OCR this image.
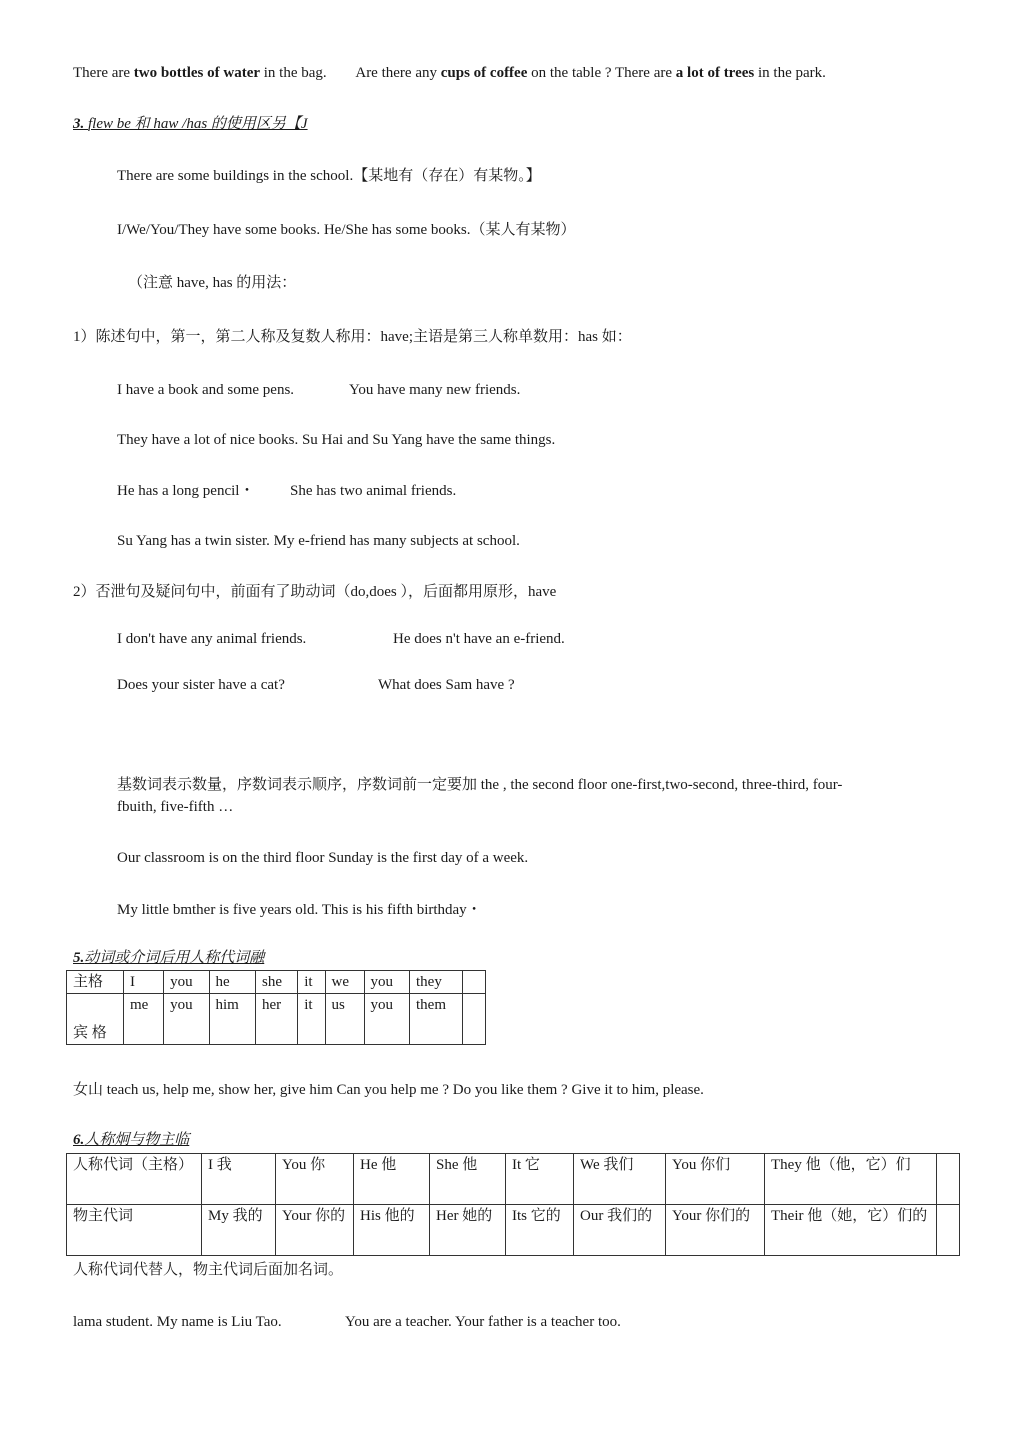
There are two bottles of water in the bag. Are there any cups of coffee on the table ? There are a lot of trees in the park.
3. flew be 和 haw /has 的使用区另【J
There are some buildings in the school.【某地有（存在）有某物。】
I/We/You/They have some books. He/She has some books.（某人有某物）
（注意 have, has 的用法：
1）陈述句中，第一，第二人称及复数人称用：have;主语是第三人称单数用：has 如：
I have a book and some pens.	You have many new friends.
They have a lot of nice books. Su Hai and Su Yang have the same things.
He has a long pencil・ She has two animal friends.
Su Yang has a twin sister. My e-friend has many subjects at school.
2）否泄句及疑问句中，前面有了助动词（do,does ），后面都用原形，have
I don't have any animal friends.	He does n't have an e-friend.
Does your sister have a cat?	What does Sam have ?
基数词表示数量，序数词表示顺序，序数词前一定要加 the , the second floor one-first,two-second, three-third, four-
fbuith, five-fifth …
Our classroom is on the third floor Sunday is the first day of a week.
My little bmther is five years old. This is his fifth birthday・
5.动词或介词后用人称代词融
主格	I	you	he	she	it	we	you	they	
宾 格	me	you	him	her	it	us	you	them	
女山 teach us, help me, show her, give him Can you help me ? Do you like them ? Give it to him, please.
6.人称炯与物主临
人称代词（主格）	I 我	You 你	He 他	She 他	It 它	We 我们	You 你们	They 他（他，它）们	
物主代词	My 我的	Your 你的	His 他的	Her 她的	Its 它的	Our 我们的	Your 你们的	Their 他（她，它）们的	
人称代词代替人，物主代词后面加名词。
lama student. My name is Liu Tao.	You are a teacher. Your father is a teacher too.
